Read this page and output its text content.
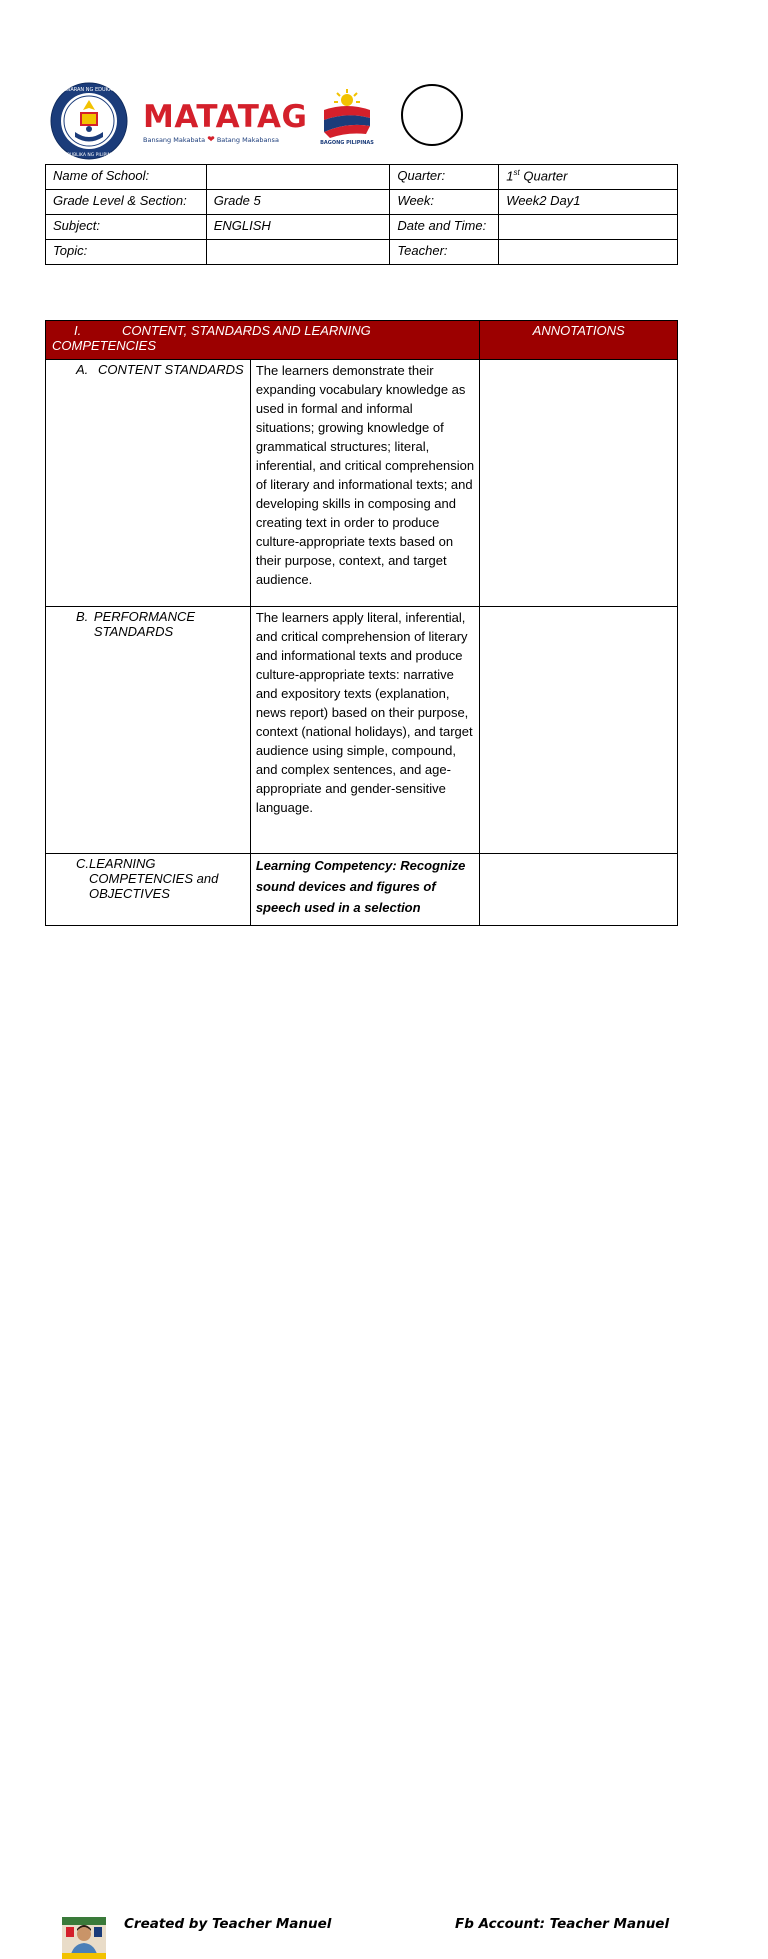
KAGAWARAN NG EDUKASYON
REPUBLIKA NG PILIPINAS
MATATAG
Bansang Makabata ❤ Batang Makabansa	BAGONG PILIPINAS
Name of School:		Quarter:	1st Quarter
Grade Level & Section:	Grade 5	Week:	Week2 Day1
Subject:	ENGLISH	Date and Time:	
Topic:		Teacher:	
I. CONTENT, STANDARDS AND LEARNING COMPETENCIES		ANNOTATIONS

A. CONTENT STANDARDS	The learners demonstrate their expanding vocabulary knowledge as used in formal and informal situations; growing knowledge of grammatical structures; literal, inferential, and critical comprehension of literary and informational texts; and developing skills in composing and creating text in order to produce culture-appropriate texts based on their purpose, context, and target audience.	

B. PERFORMANCE STANDARDS	The learners apply literal, inferential, and critical comprehension of literary and informational texts and produce culture-appropriate texts: narrative and expository texts (explanation, news report) based on their purpose, context (national holidays), and target audience using simple, compound, and complex sentences, and age-appropriate and gender-sensitive language.	

C. LEARNING COMPETENCIES and OBJECTIVES	Learning Competency: Recognize sound devices and figures of speech used in a selection	
Created by Teacher Manuel	Fb Account: Teacher Manuel
